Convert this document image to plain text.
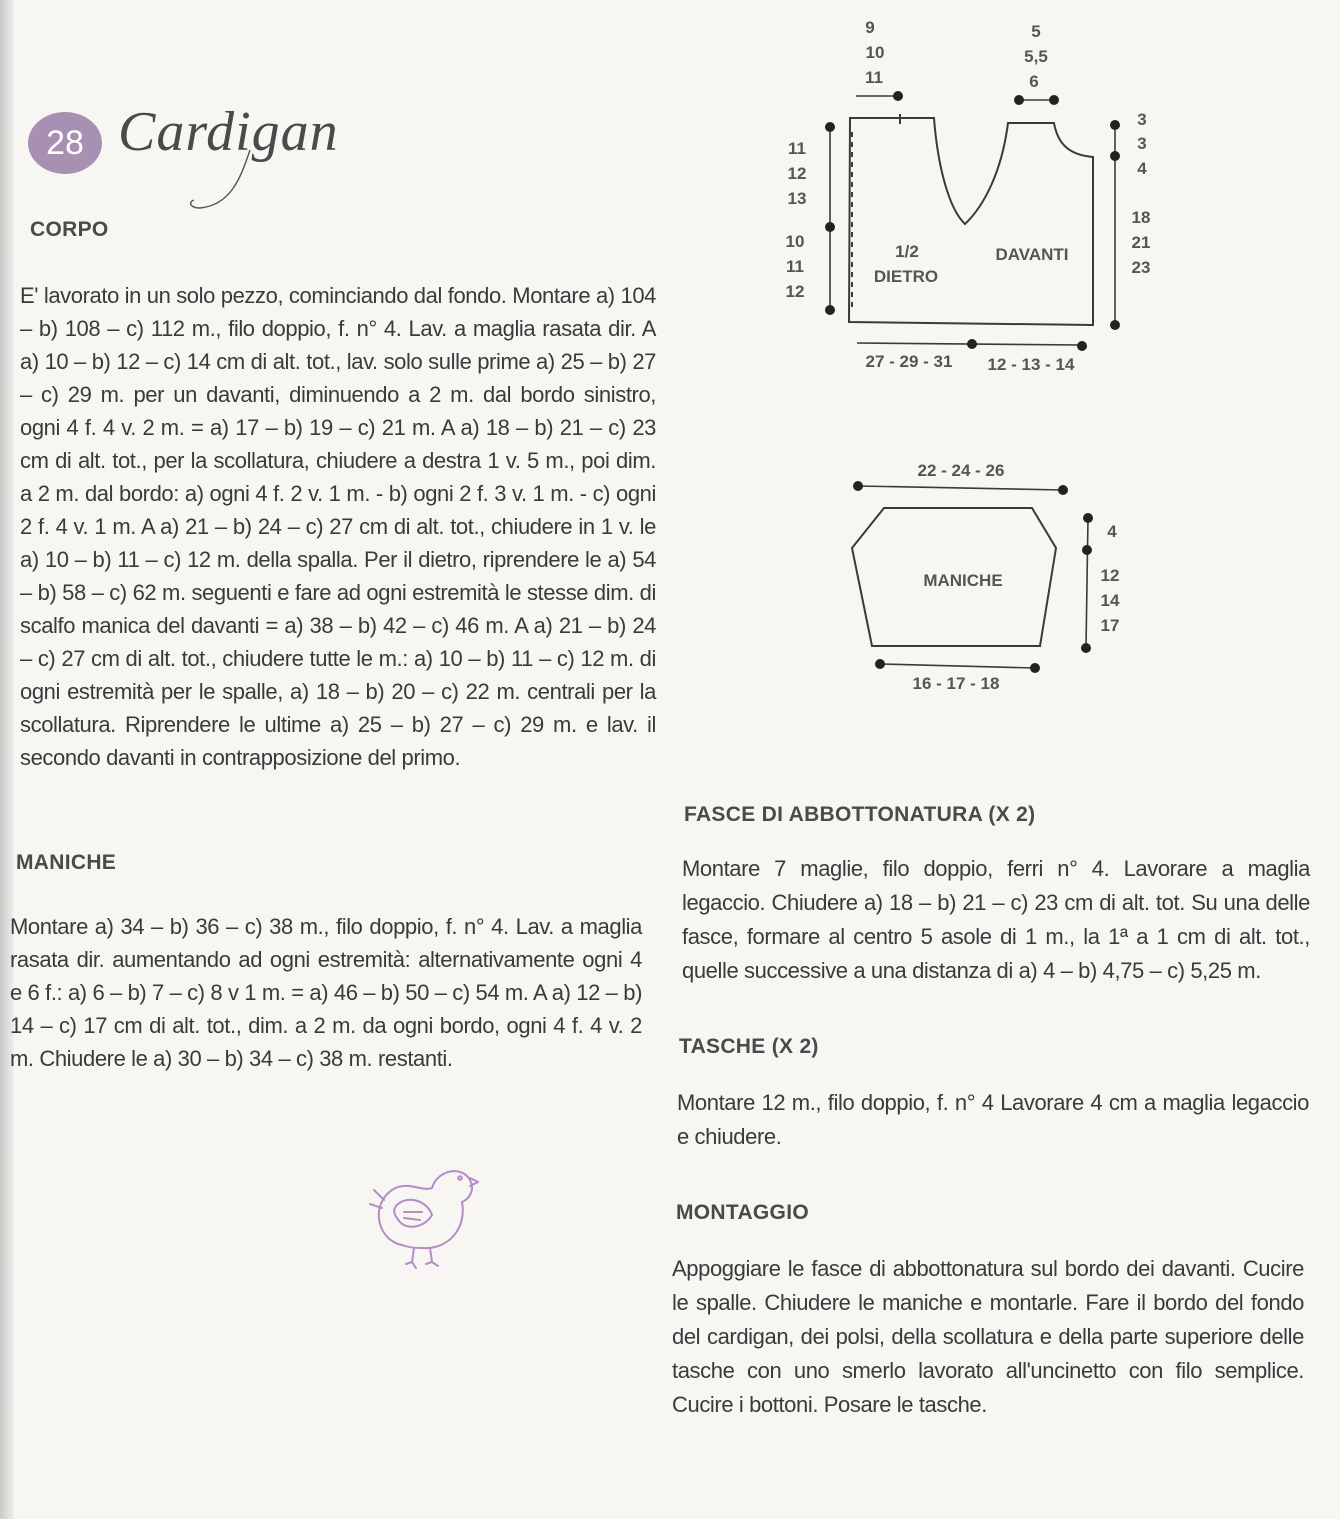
28 Cardigan
CORPO

E' lavorato in un solo pezzo, cominciando dal fondo. Montare a) 104 – b) 108 – c) 112 m., filo doppio, f. n° 4. Lav. a maglia rasata dir. A a) 10 – b) 12 – c) 14 cm di alt. tot., lav. solo sulle prime a) 25 – b) 27 – c) 29 m. per un davanti, diminuendo a 2 m. dal bordo sinistro, ogni 4 f. 4 v. 2 m. = a) 17 – b) 19 – c) 21 m. A a) 18 – b) 21 – c) 23 cm di alt. tot., per la scollatura, chiudere a destra 1 v. 5 m., poi dim. a 2 m. dal bordo: a) ogni 4 f. 2 v. 1 m. - b) ogni 2 f. 3 v. 1 m. - c) ogni 2 f. 4 v. 1 m. A a) 21 – b) 24 – c) 27 cm di alt. tot., chiudere in 1 v. le a) 10 – b) 11 – c) 12 m. della spalla. Per il dietro, riprendere le a) 54 – b) 58 – c) 62 m. seguenti e fare ad ogni estremità le stesse dim. di scalfo manica del davanti = a) 38 – b) 42 – c) 46 m. A a) 21 – b) 24 – c) 27 cm di alt. tot., chiudere tutte le m.: a) 10 – b) 11 – c) 12 m. di ogni estremità per le spalle, a) 18 – b) 20 – c) 22 m. centrali per la scollatura. Riprendere le ultime a) 25 – b) 27 – c) 29 m. e lav. il secondo davanti in contrapposizione del primo.

MANICHE

Montare a) 34 – b) 36 – c) 38 m., filo doppio, f. n° 4. Lav. a maglia rasata dir. aumentando ad ogni estremità: alternativamente ogni 4 e 6 f.: a) 6 – b) 7 – c) 8 v 1 m. = a) 46 – b) 50 – c) 54 m. A a) 12 – b) 14 – c) 17 cm di alt. tot., dim. a 2 m. da ogni bordo, ogni 4 f. 4 v. 2 m. Chiudere le a) 30 – b) 34 – c) 38 m. restanti.

9
10
11
5
5,5
6
11
12
13
10
11
12
3
3
4
18
21
23
1/2
DIETRO
DAVANTI
27 - 29 - 31 12 - 13 - 14
22 - 24 - 26
MANICHE
4
12
14
17
16 - 17 - 18
FASCE DI ABBOTTONATURA (X 2)

Montare 7 maglie, filo doppio, ferri n° 4. Lavorare a maglia legaccio. Chiudere a) 18 – b) 21 – c) 23 cm di alt. tot. Su una delle fasce, formare al centro 5 asole di 1 m., la 1ª a 1 cm di alt. tot., quelle successive a una distanza di a) 4 – b) 4,75 – c) 5,25 m.

TASCHE (X 2)

Montare 12 m., filo doppio, f. n° 4 Lavorare 4 cm a maglia legaccio e chiudere.

MONTAGGIO

Appoggiare le fasce di abbottonatura sul bordo dei davanti. Cucire le spalle. Chiudere le maniche e montarle. Fare il bordo del fondo del cardigan, dei polsi, della scollatura e della parte superiore delle tasche con uno smerlo lavorato all'uncinetto con filo semplice. Cucire i bottoni. Posare le tasche.
